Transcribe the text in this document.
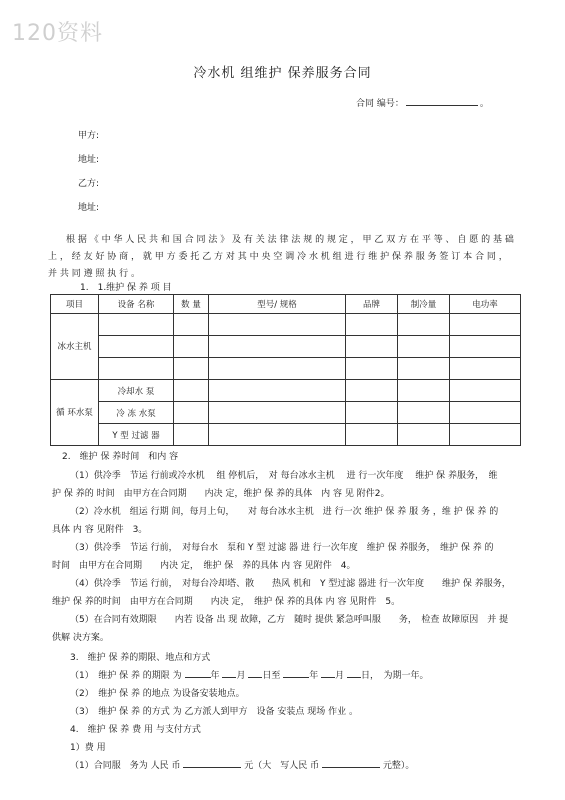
120资料
冷水机 组维护 保养服务合同
合同 编号：	。
甲方:
地址:
乙方:
地址:
根 据 《 中 华 人 民 共 和 国 合 同 法 》 及 有 关 法 律 法 规 的 规 定 ， 甲 乙 双 方 在 平 等 、 自 愿 的 基 础 上 ， 经 友 好 协 商 ， 就 甲 方 委 托 乙 方 对 其 中 央 空 调 冷 水 机 组 进 行 维 护 保 养 服 务 签 订 本 合 同 ， 并 共 同 遵 照 执 行 。
1.　1.维护 保 养 项 目
项目	设备 名称	数 量	型号/ 规格	品牌	制冷量	电功率
冰水主机						

循 环水泵	冷却水 泵					
	冷 冻 水泵					
	Y 型 过滤 器					
2.　维护 保 养时间　和内 容
（1）供冷季　节运 行前或冷水机　 组 停机后，　对 每台冰水主机　 进 行一次年度　 维护 保 养服务，　维
护 保 养的 时间　由甲方在合同期　　内决 定，维护 保 养的具体　内 容 见 附件2。
（2）冷水机　组运 行期 间，每月上旬，　　对 每台冰水主机　进 行一次 维护 保 养 服 务 ，维 护 保 养 的
具体 内 容 见附件　3。
（3）供冷季　节运 行前，　对每台水　泵和 Y 型 过滤 器 进 行一次年度　维护 保 养服务，　维护 保 养 的
时间　由甲方在合同期　　内决 定，　维护 保　养的具体 内 容 见附件　4。
（4）供冷季　节运 行前，　对每台冷却塔、散　　热风 机和　Y 型过滤 器进 行一次年度　　维护 保 养服务，
维护 保 养的时间　由甲方在合同期　　内决 定，　维护 保 养的具体 内 容 见附件　5。
（5）在合同有效期限　　内若 设备 出 现 故障，乙方　随时 提供 紧急呼叫服　　务，　检查 故障原因　并 提
供解 决方案。
3.　维护 保 养的期限、地点和方式
（1）　维护 保 养 的期限 为	年 月 日至	年 月 日，　为期一年。
（2）　维护 保 养 的地点 为设备安装地点。
（3）　维护 保 养 的方式 为 乙方派人到甲方　设备 安装点 现场 作业 。
4.　维护 保 养 费 用 与支付方式
1）费 用
（1）合同服　务为 人民 币	元（大　写人民 币	元整）。
